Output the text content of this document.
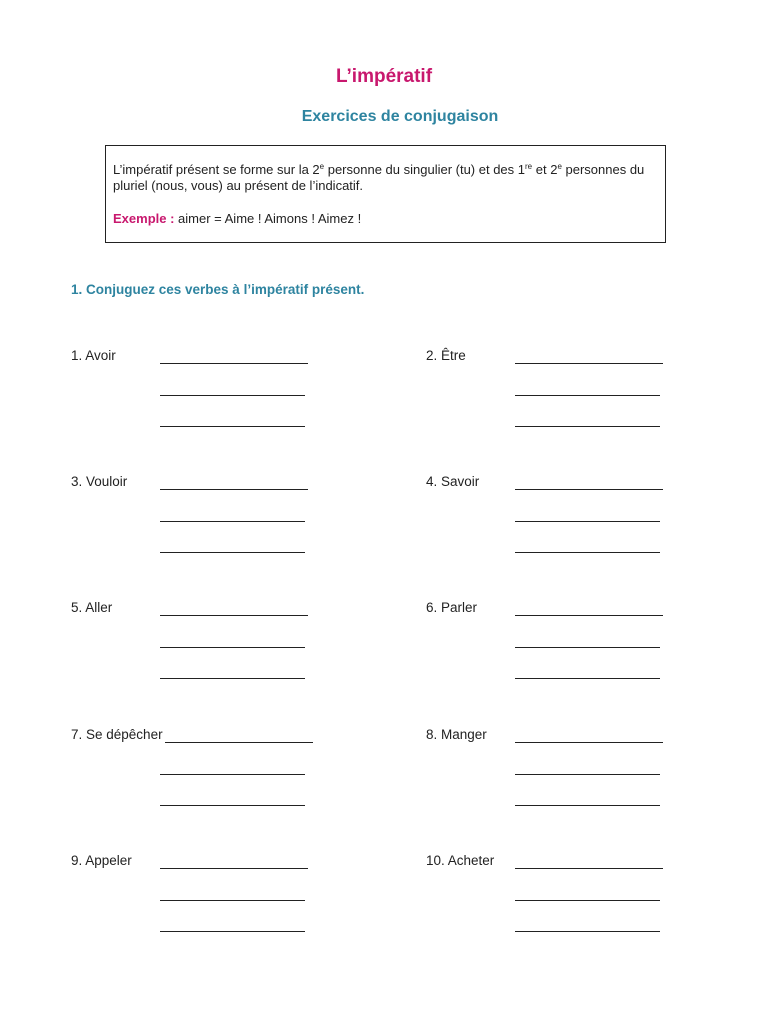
L’impératif
Exercices de conjugaison
L’impératif présent se forme sur la 2e personne du singulier (tu) et des 1re et 2e personnes du pluriel (nous, vous) au présent de l’indicatif.
Exemple : aimer = Aime ! Aimons ! Aimez !
1. Conjuguez ces verbes à l’impératif présent.
1. Avoir	2. Être
3. Vouloir	4. Savoir
5. Aller	6. Parler
7. Se dépêcher	8. Manger
9. Appeler	10. Acheter
